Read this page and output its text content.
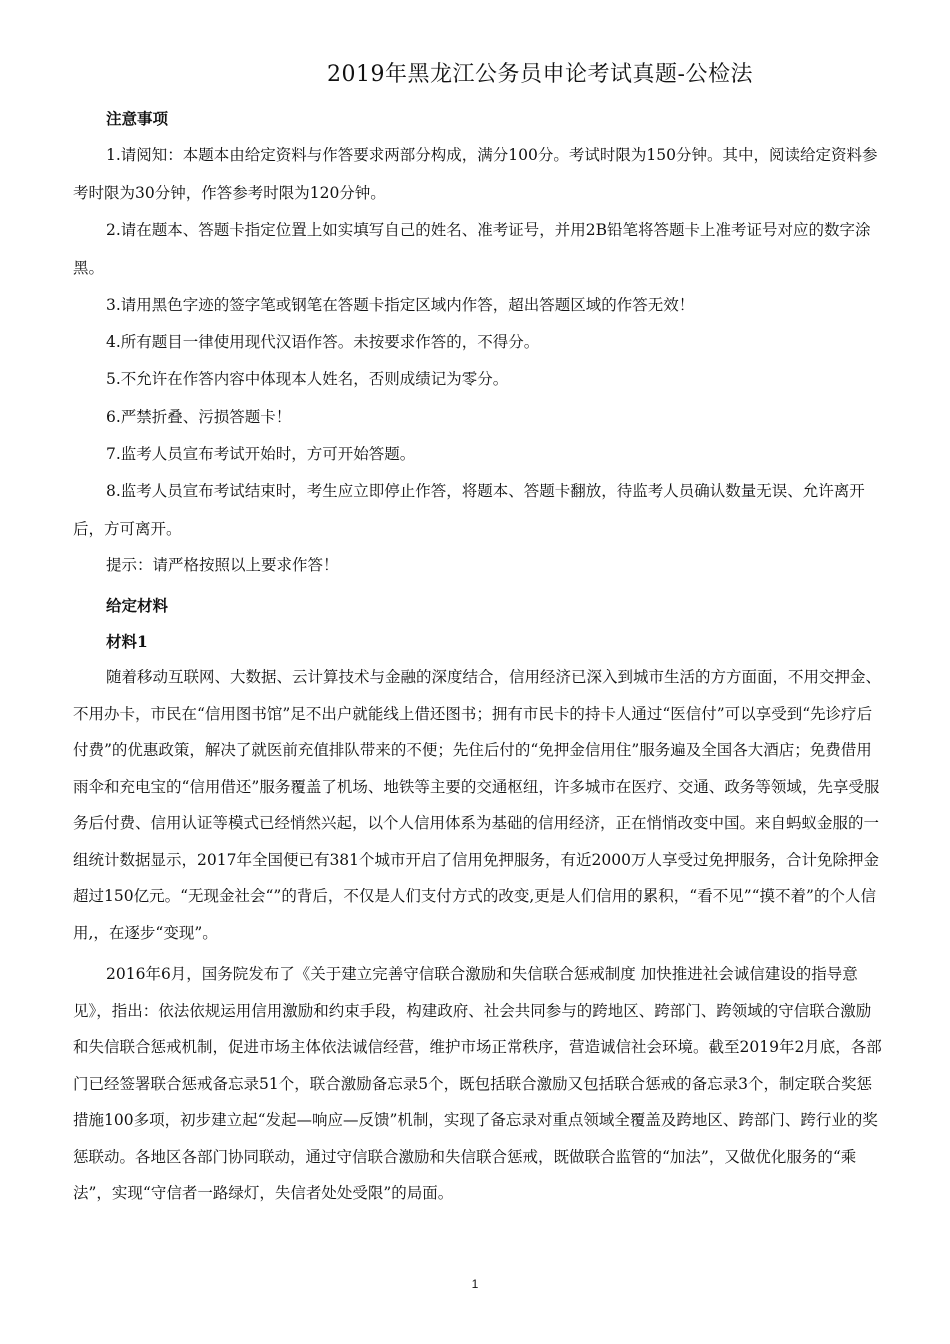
2019年黑龙江公务员申论考试真题-公检法
注意事项

1.请阅知：本题本由给定资料与作答要求两部分构成，满分100分。考试时限为150分钟。其中，阅读给定资料参考时限为30分钟，作答参考时限为120分钟。

2.请在题本、答题卡指定位置上如实填写自己的姓名、准考证号，并用2B铅笔将答题卡上准考证号对应的数字涂黑。

3.请用黑色字迹的签字笔或钢笔在答题卡指定区域内作答，超出答题区域的作答无效！

4.所有题目一律使用现代汉语作答。未按要求作答的，不得分。

5.不允许在作答内容中体现本人姓名，否则成绩记为零分。

6.严禁折叠、污损答题卡！

7.监考人员宣布考试开始时，方可开始答题。

8.监考人员宣布考试结束时，考生应立即停止作答，将题本、答题卡翻放，待监考人员确认数量无误、允许离开后，方可离开。

提示：请严格按照以上要求作答！

给定材料
材料1

随着移动互联网、大数据、云计算技术与金融的深度结合，信用经济已深入到城市生活的方方面面，不用交押金、不用办卡，市民在“信用图书馆”足不出户就能线上借还图书；拥有市民卡的持卡人通过“医信付”可以享受到“先诊疗后付费”的优惠政策，解决了就医前充值排队带来的不便；先住后付的“免押金信用住”服务遍及全国各大酒店；免费借用雨伞和充电宝的“信用借还”服务覆盖了机场、地铁等主要的交通枢纽，许多城市在医疗、交通、政务等领域，先享受服务后付费、信用认证等模式已经悄然兴起，以个人信用体系为基础的信用经济，正在悄悄改变中国。来自蚂蚁金服的一组统计数据显示，2017年全国便已有381个城市开启了信用免押服务，有近2000万人享受过免押服务，合计免除押金超过150亿元。“无现金社会“”的背后，不仅是人们支付方式的改变,更是人们信用的累积，“看不见”“摸不着”的个人信用,，在逐步“变现”。

2016年6月，国务院发布了《关于建立完善守信联合激励和失信联合惩戒制度 加快推进社会诚信建设的指导意见》，指出：依法依规运用信用激励和约束手段，构建政府、社会共同参与的跨地区、跨部门、跨领域的守信联合激励和失信联合惩戒机制，促进市场主体依法诚信经营，维护市场正常秩序，营造诚信社会环境。截至2019年2月底，各部门已经签署联合惩戒备忘录51个，联合激励备忘录5个，既包括联合激励又包括联合惩戒的备忘录3个，制定联合奖惩措施100多项，初步建立起“发起—响应—反馈”机制，实现了备忘录对重点领域全覆盖及跨地区、跨部门、跨行业的奖惩联动。各地区各部门协同联动，通过守信联合激励和失信联合惩戒，既做联合监管的“加法”，又做优化服务的“乘法”，实现“守信者一路绿灯，失信者处处受限”的局面。

1
